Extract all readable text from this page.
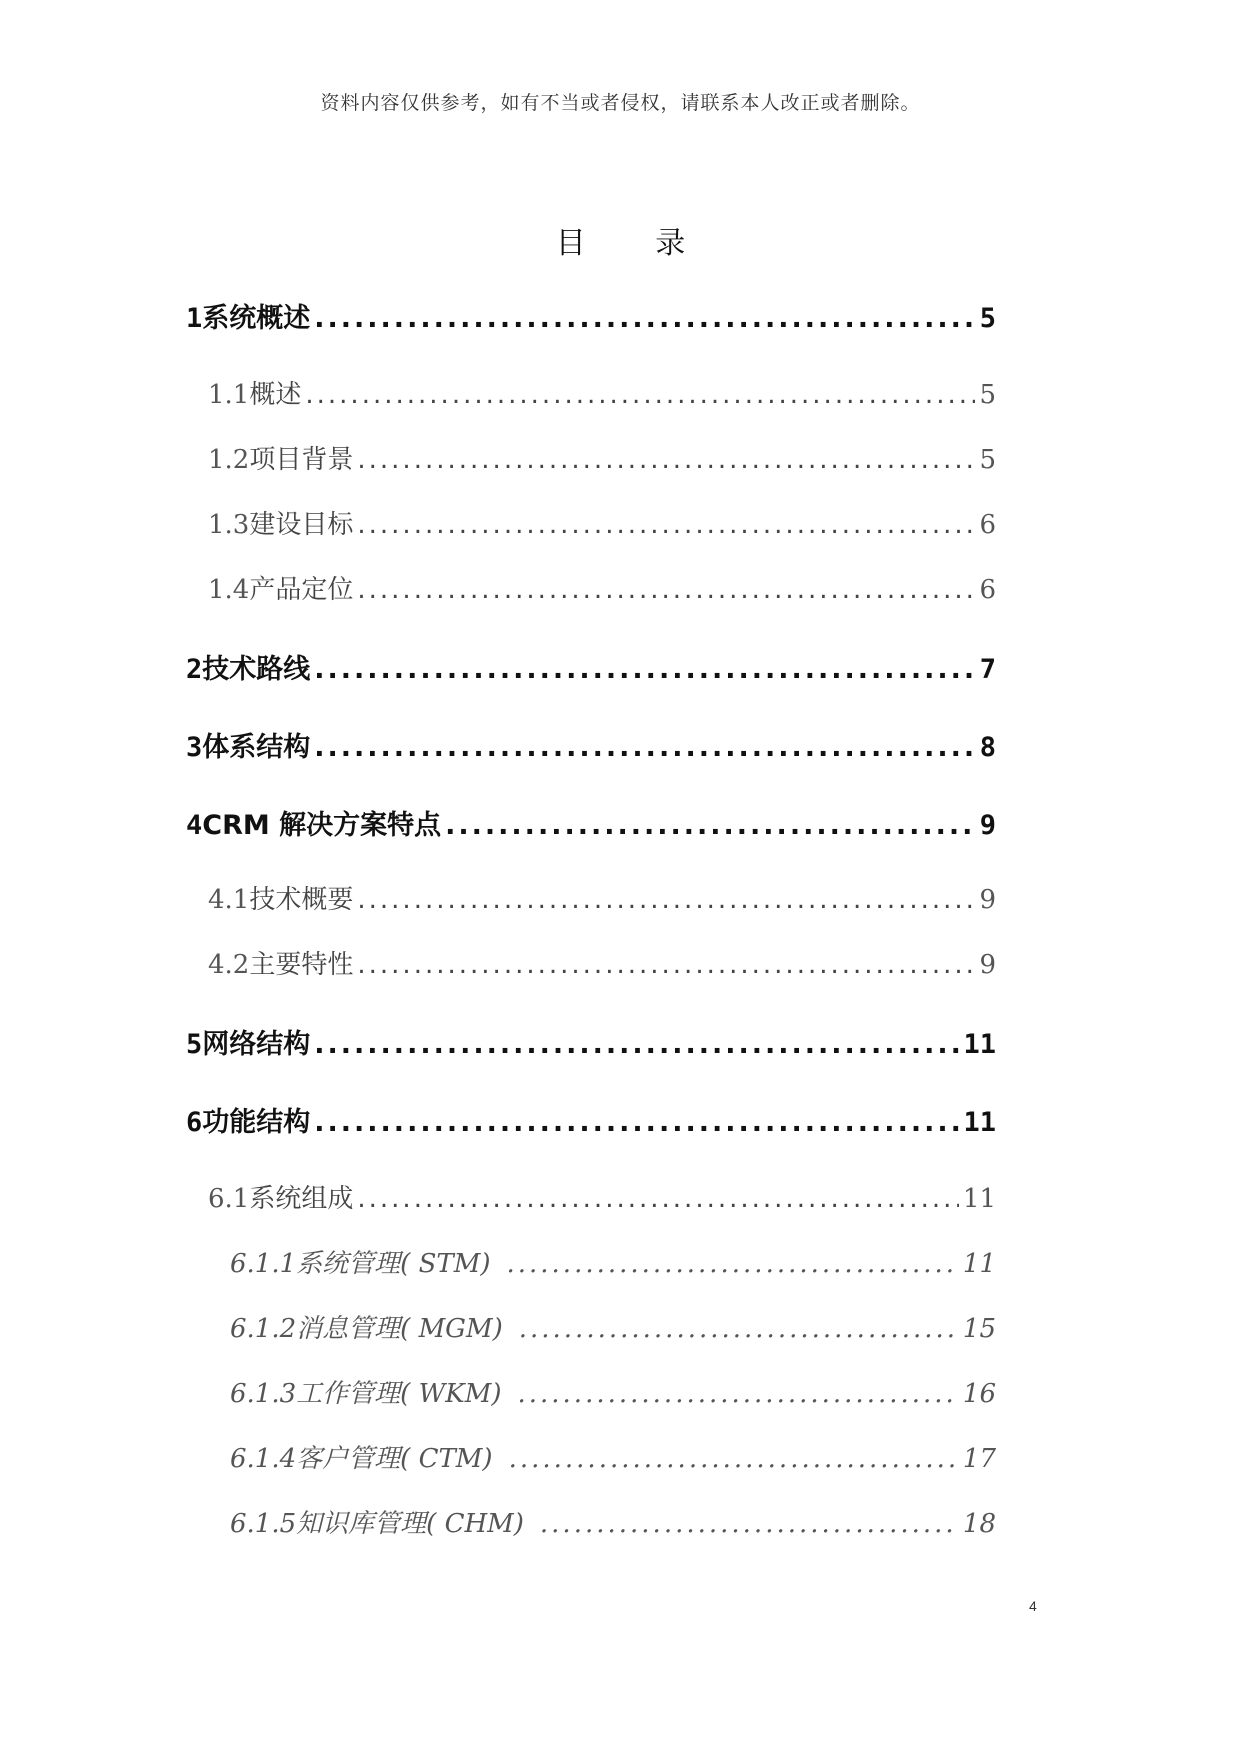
资料内容仅供参考，如有不当或者侵权，请联系本人改正或者删除。
目 录
1 系统概述 .....	5
1.1 概述 .....	5
1.2 项目背景 .....	5
1.3 建设目标 .....	6
1.4 产品定位 .....	6
2 技术路线 .....	7
3 体系结构 .....	8
4 CRM 解决方案特点 .....	9
4.1 技术概要 .....	9
4.2 主要特性 .....	9
5 网络结构 .....	11
6 功能结构 .....	11
6.1 系统组成 .....	11
6.1.1 系统管理( STM) .....	11
6.1.2 消息管理( MGM) .....	15
6.1.3 工作管理( WKM) .....	16
6.1.4 客户管理( CTM) .....	17
6.1.5 知识库管理( CHM) .....	18
4
